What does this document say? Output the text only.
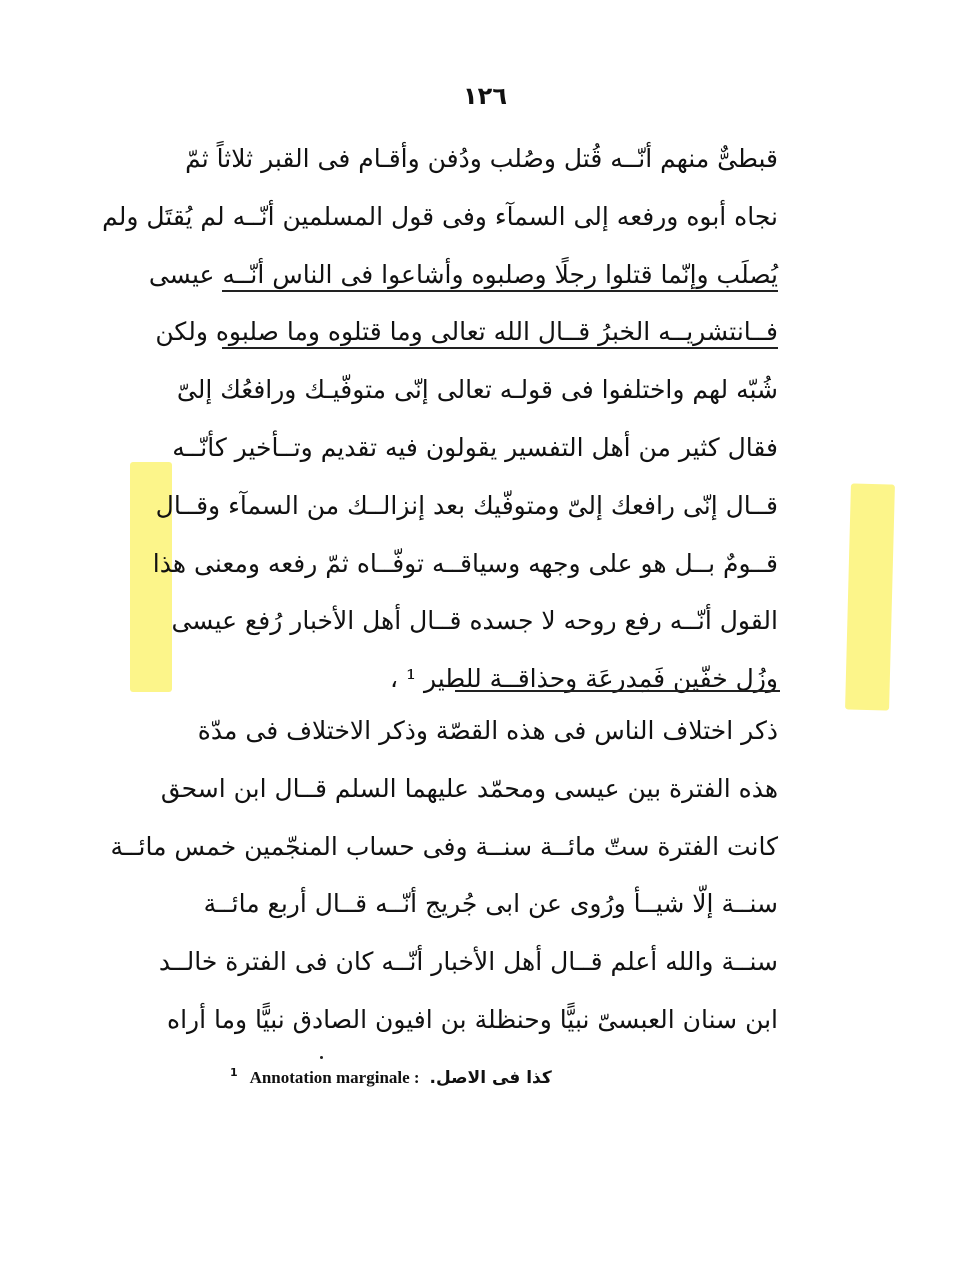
١٢٦
قبطىٌّ منهم أنّــه قُتل وصُلب ودُفن وأقـام فى القبر ثلاثاً ثمّ
نجاه أبوه ورفعه إلى السمآء وفى قول المسلمين أنّــه لم يُقتَل ولم
يُصلَب وإنّما قتلوا رجلًا وصلبوه وأشاعوا فى الناس أنّــه عيسى
فــانتشريــه الخبرُ قــال الله تعالى وما قتلوه وما صلبوه ولكن
شُبّه لهم واختلفوا فى قولـه تعالى إنّى متوفّيـك ورافعُك إلىّ
فقال كثير من أهل التفسير يقولون فيه تقديم وتــأخير كأنّــه
قــال إنّى رافعك إلىّ ومتوفّيك بعد إنزالــك من السمآء وقــال
قــومٌ بــل هو على وجهه وسياقــه توفّــاه ثمّ رفعه ومعنى هذا
القول أنّــه رفع روحه لا جسده قــال أهل الأخبار رُفع عيسى
وزُل خفّين فَمِدرعَة وحذاقــة للطير ¹ ،
ذكر اختلاف الناس فى هذه القصّة وذكر الاختلاف فى مدّة
هذه الفترة بين عيسى ومحمّد عليهما السلم قــال ابن اسحق
كانت الفترة ستّ مائــة سنــة وفى حساب المنجّمين خمس مائــة
سنــة إلّا شيــأ ورُوى عن ابى جُريج أنّــه قــال أربع مائــة
سنــة والله أعلم قــال أهل الأخبار أنّــه كان فى الفترة خالــد
ابن سنان العبسىّ نبيًّا وحنظلة بن افيون الصادق نبيًّا وما أراه
$^1$ Annotation marginale : كذا فى الاصل.
